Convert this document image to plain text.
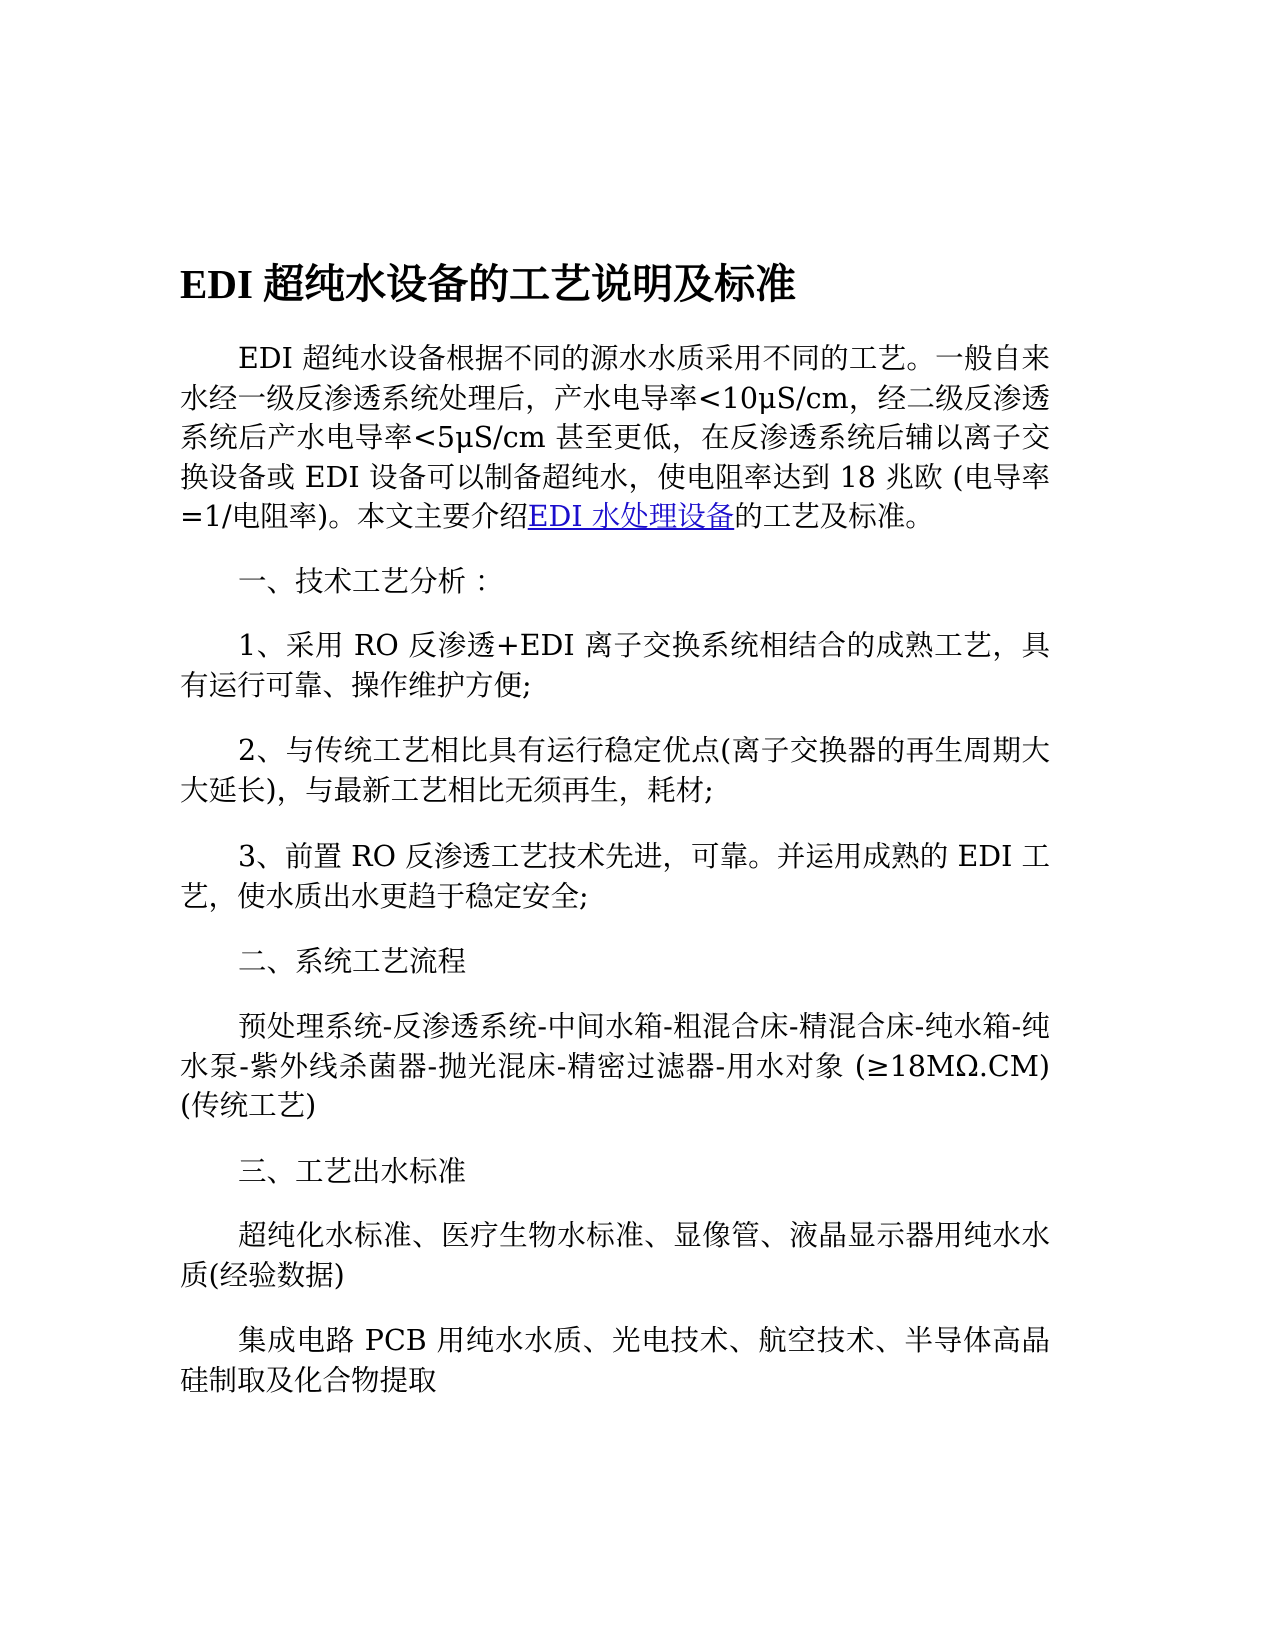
EDI 超纯水设备的工艺说明及标准

EDI 超纯水设备根据不同的源水水质采用不同的工艺。一般自来水经一级反渗透系统处理后，产水电导率<10μS/cm，经二级反渗透系统后产水电导率<5μS/cm 甚至更低，在反渗透系统后辅以离子交换设备或 EDI 设备可以制备超纯水，使电阻率达到 18 兆欧 (电导率=1/电阻率)。本文主要介绍EDI 水处理设备的工艺及标准。

一、技术工艺分析 ：

1、采用 RO 反渗透+EDI 离子交换系统相结合的成熟工艺，具有运行可靠、操作维护方便;

2、与传统工艺相比具有运行稳定优点(离子交换器的再生周期大大延长)，与最新工艺相比无须再生，耗材;

3、前置 RO 反渗透工艺技术先进，可靠。并运用成熟的 EDI 工艺，使水质出水更趋于稳定安全;

二、系统工艺流程

预处理系统-反渗透系统-中间水箱-粗混合床-精混合床-纯水箱-纯水泵-紫外线杀菌器-抛光混床-精密过滤器-用水对象 (≥18MΩ.CM)(传统工艺)

三、工艺出水标准

超纯化水标准、医疗生物水标准、显像管、液晶显示器用纯水水质(经验数据)

集成电路 PCB 用纯水水质、光电技术、航空技术、半导体高晶硅制取及化合物提取
